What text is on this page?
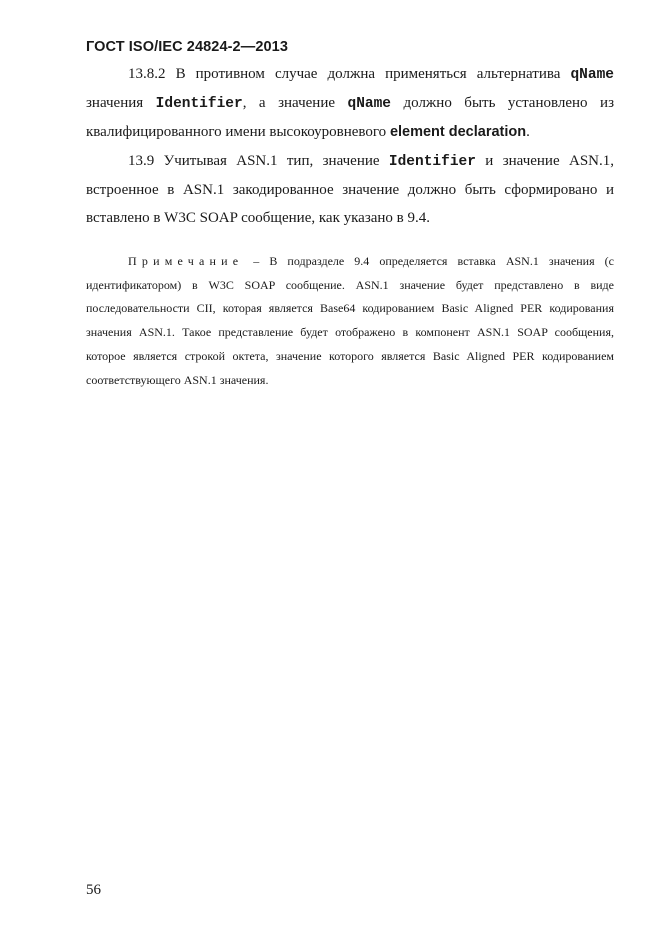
ГОСТ ISO/IEC 24824-2—2013

13.8.2 В противном случае должна применяться альтернатива qName значения Identifier, а значение qName должно быть установлено из квалифицированного имени высокоуровневого element declaration.

13.9 Учитывая ASN.1 тип, значение Identifier и значение ASN.1, встроенное в ASN.1 закодированное значение должно быть сформировано и вставлено в W3C SOAP сообщение, как указано в 9.4.

Примечание – В подразделе 9.4 определяется вставка ASN.1 значения (с идентификатором) в W3C SOAP сообщение. ASN.1 значение будет представлено в виде последовательности CII, которая является Base64 кодированием Basic Aligned PER кодирования значения ASN.1. Такое представление будет отображено в компонент ASN.1 SOAP сообщения, которое является строкой октета, значение которого является Basic Aligned PER кодированием соответствующего ASN.1 значения.

56
